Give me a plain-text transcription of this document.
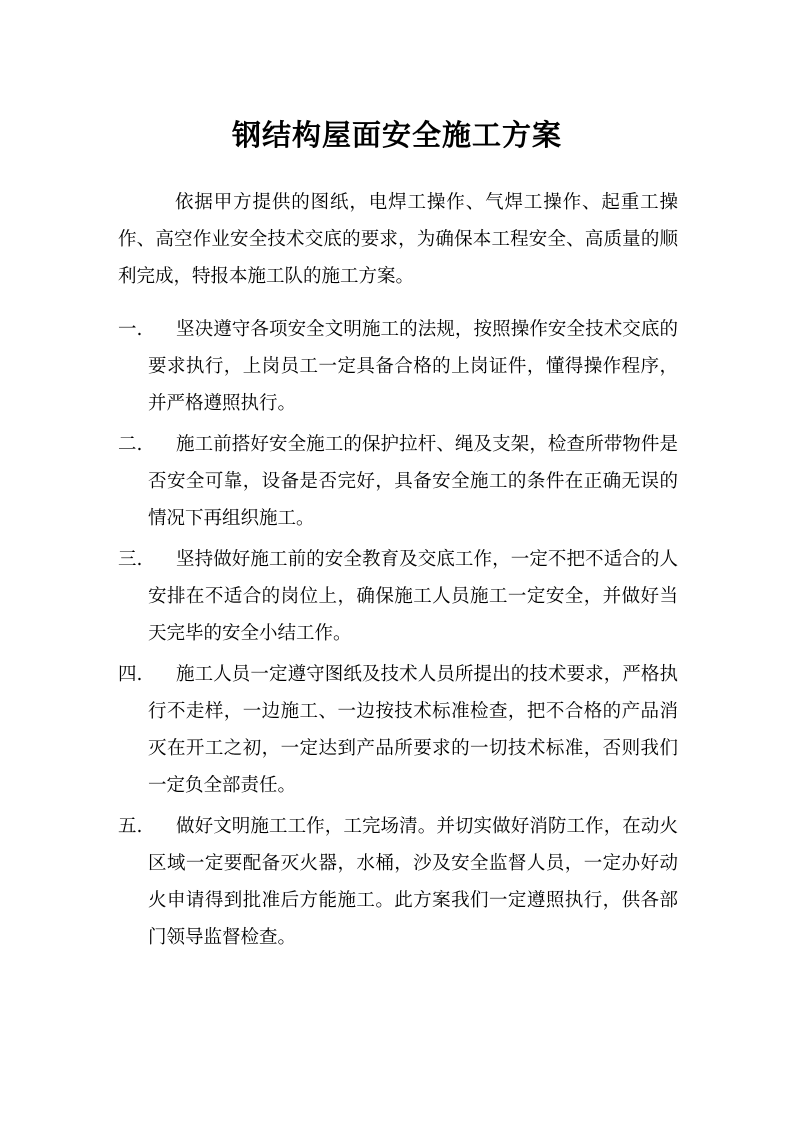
钢结构屋面安全施工方案

依据甲方提供的图纸，电焊工操作、气焊工操作、起重工操作、高空作业安全技术交底的要求，为确保本工程安全、高质量的顺利完成，特报本施工队的施工方案。

一.	坚决遵守各项安全文明施工的法规，按照操作安全技术交底的要求执行，上岗员工一定具备合格的上岗证件，懂得操作程序，并严格遵照执行。
二.	施工前搭好安全施工的保护拉杆、绳及支架，检查所带物件是否安全可靠，设备是否完好，具备安全施工的条件在正确无误的情况下再组织施工。
三.	坚持做好施工前的安全教育及交底工作，一定不把不适合的人安排在不适合的岗位上，确保施工人员施工一定安全，并做好当天完毕的安全小结工作。
四.	施工人员一定遵守图纸及技术人员所提出的技术要求，严格执行不走样，一边施工、一边按技术标准检查，把不合格的产品消灭在开工之初，一定达到产品所要求的一切技术标准，否则我们一定负全部责任。
五.	做好文明施工工作，工完场清。并切实做好消防工作，在动火区域一定要配备灭火器，水桶，沙及安全监督人员，一定办好动火申请得到批准后方能施工。此方案我们一定遵照执行，供各部门领导监督检查。
